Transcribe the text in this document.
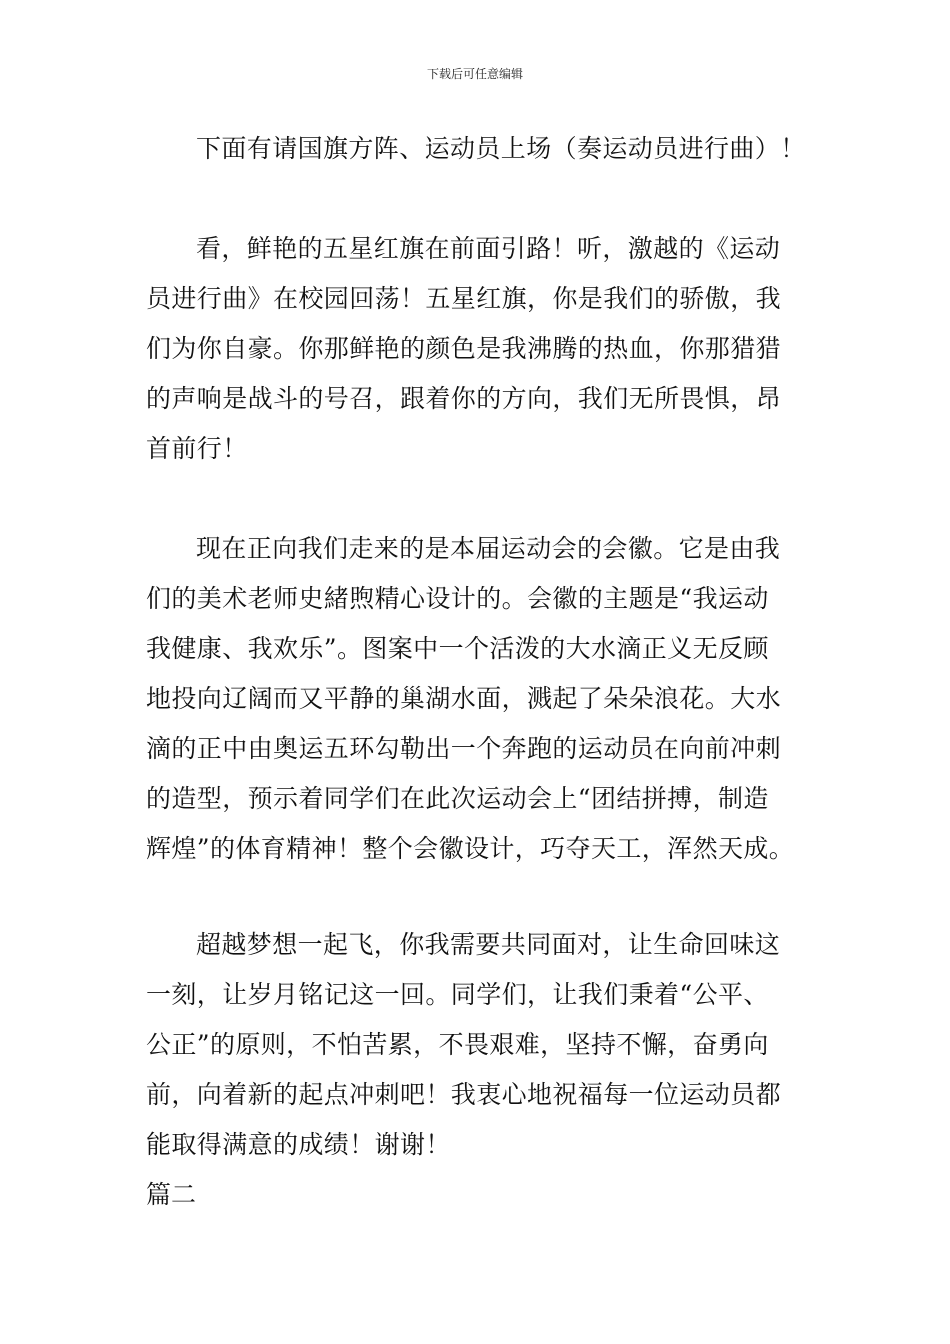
下载后可任意编辑

下面有请国旗方阵、运动员上场（奏运动员进行曲）！

看，鲜艳的五星红旗在前面引路！听，激越的《运动

员进行曲》在校园回荡！五星红旗，你是我们的骄傲，我
们为你自豪。你那鲜艳的颜色是我沸腾的热血，你那猎猎
的声响是战斗的号召，跟着你的方向，我们无所畏惧，昂
首前行！

现在正向我们走来的是本届运动会的会徽。它是由我

们的美术老师史緒煦精心设计的。会徽的主题是“我运动
我健康、我欢乐”。图案中一个活泼的大水滴正义无反顾
地投向辽阔而又平静的巢湖水面，溅起了朵朵浪花。大水
滴的正中由奥运五环勾勒出一个奔跑的运动员在向前冲刺
的造型，预示着同学们在此次运动会上“团结拼搏，制造
辉煌”的体育精神！整个会徽设计，巧夺天工，浑然天成。

超越梦想一起飞，你我需要共同面对，让生命回味这

一刻，让岁月铭记这一回。同学们，让我们秉着“公平、
公正”的原则，不怕苦累，不畏艰难，坚持不懈，奋勇向
前，向着新的起点冲刺吧！我衷心地祝福每一位运动员都
能取得满意的成绩！谢谢！
篇二
